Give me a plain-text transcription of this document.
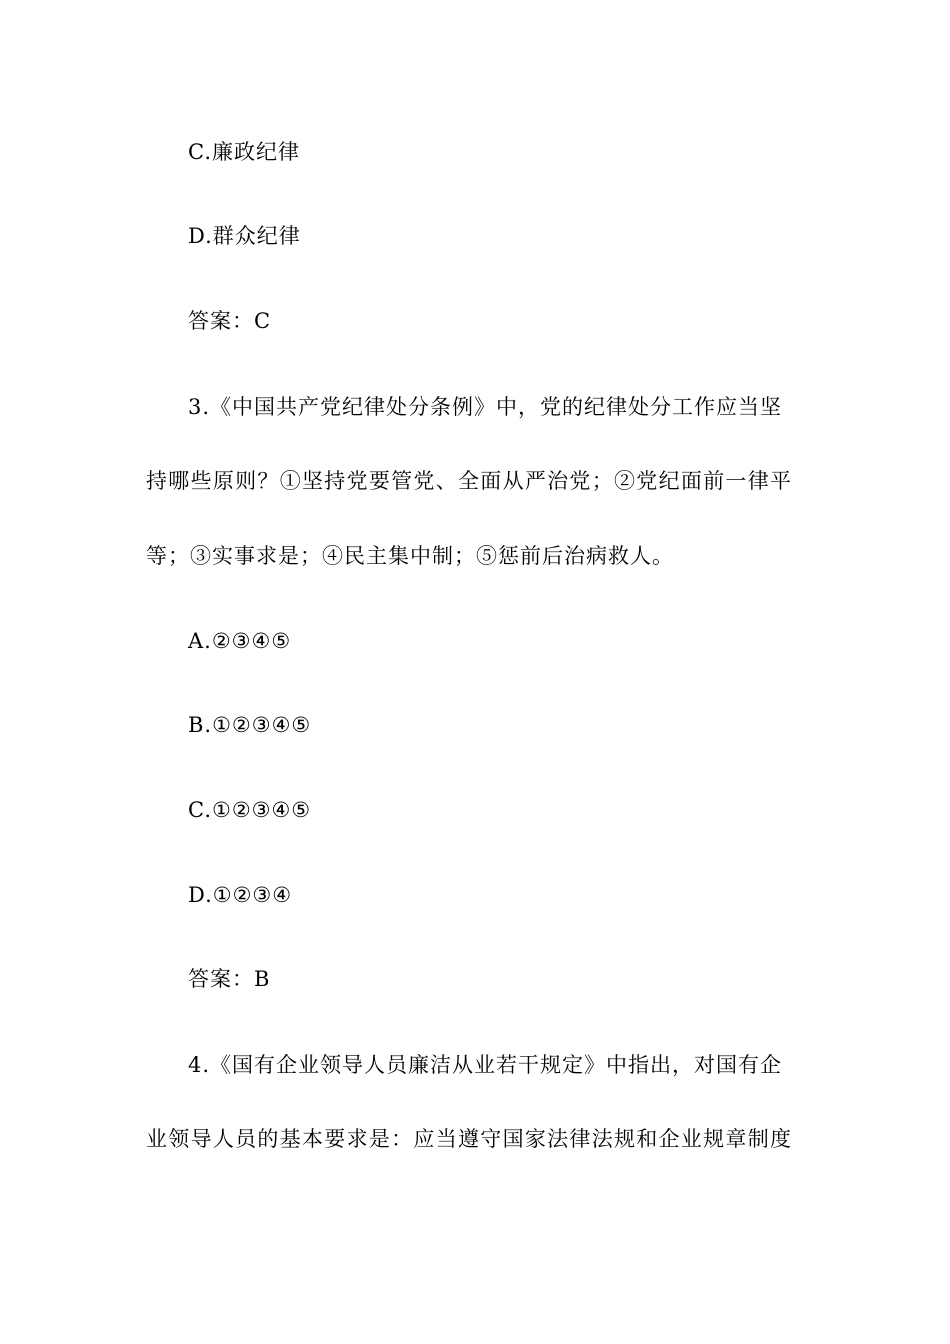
C.廉政纪律
D.群众纪律
答案：C
3.《中国共产党纪律处分条例》中，党的纪律处分工作应当坚
持哪些原则？①坚持党要管党、全面从严治党；②党纪面前一律平
等；③实事求是；④民主集中制；⑤惩前后治病救人。
A.②③④⑤
B.①②③④⑤
C.①②③④⑤
D.①②③④
答案：B
4.《国有企业领导人员廉洁从业若干规定》中指出，对国有企
业领导人员的基本要求是：应当遵守国家法律法规和企业规章制度
